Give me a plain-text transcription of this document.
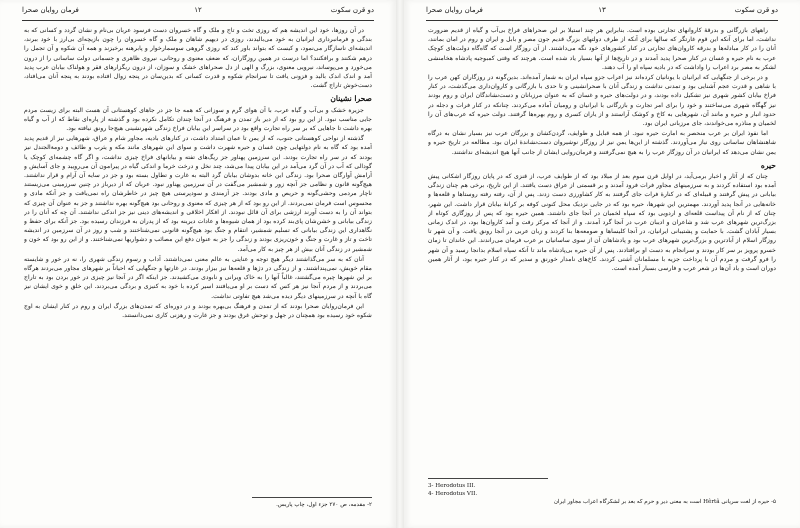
دو قرن سکوت
۱۲
فرمان روایان صحرا

در آن روزها، خود این اندیشه هم که روزی تخت و تاج و ملک و گاه خسروان دست فرسود عربان بی‌نام و نشان گردد و کسانی که به بندگی و فرمانبرداری ایرانیان به خود می‌بالیدند، روزی در دیهیم شاهان و ملک و گاه خسروان را چون بازیچه‌ای بی‌ارز با خود ببرند، اندیشه‌ای ناسازگار می‌نمود، و کیست که بتواند باور کند که روزی گروهی سوسمارخوار و پابرهنه برخیزند و همه آن شکوه و آن تجمل را درهم شکنند و برافکنند؟ اما درست در همین روزگاران، که ضعف معنوی و روحانی، نیروی ظاهری و جسمانی دولت ساسانی را از درون می‌خورد و می‌پوساند، نیرویی معنوی، بزرگ و الهی از دل صحراهای خشک و سوزان، از درون ریگزارهای فقر و هولناک بیابان عرب پدید آمد و اندک اندک بالید و فزونی یافت تا سرانجام شکوه و قدرت کسانی که بدین‌سان در پنجه زوال افتاده بودند به پنجه آنان می‌افتاد، دست‌خوش تاراج گشت.

صحرا نشینان

جزیرة خشک و بی‌آب و گیاه عرب، با آن هوای گرم و سوزانی که همه جا جز در جاهای کوهستانی آن هست البته برای زیست مردم جایی مناسب نبود. از این رو بود که از دیر باز تمدن و فرهنگ در آنجا چندان تکامل نکرده بود و گذشته از پاره‌ای نقاط که از آب و گیاه بهره داشت تا جاهایی که بر سر راه تجارت واقع بود در سراسر این بیابان فراخ زندگی شهرنشینی هیچ‌جا رونق نیافته بود.

گذشته از نواحی کوهستانی جنوب، که از یمن تا عمان امتداد داشت، در کنارهای بادیه، مجاور شام و عراق، شهرهایی نیز از قدیم پدید آمده بود که گاه به نام دولتهایی چون غسان و حیره شهرت داشت و سوای این شهرهای مانند مکه و یثرب و طائف و دومة‌الجندل نیز بودند که در سر راه تجارت بودند. این سرزمین پهناور جز ریگ‌های تفته و بیابانهای فراخ چیزی نداشت، و اگر گاه چشمه‌ای کوچک یا گودالی که آب در آن گرد می‌آمد در این بیابان پیدا می‌شد، چند نخل و درخت خرما و اندکی گیاه در پیرامون آن می‌رویید و جای آسایش و آرامش آوارگان صحرا بود. زندگی این خانه بدوشان بیابان گرد البته به غارت و تطاول بسته بود و جز در سایه آن آرام و قرار نداشتند. هیچ‌گونه قانون و نظامی جز آنچه زور و شمشیر می‌گفت در آن سرزمین پهناور نبود. عربان که از دیرباز در چنین سرزمینی می‌زیستند ناچار مردمی وحشی‌گونه و حریص و مادی بودند. جز آزمندی و سودپرستی هیچ چیز در خاطرشان راه نمی‌یافت و جز آنکه مادی و محسوس است فرمان نمی‌بردند. از این رو بود که از هر چیزی که معنوی و روحانی بود هیچ‌گونه بهره نداشتند و جز به عنوان آن چیزی که بتواند آن را به دست آورند ارزشی برای آن قائل نبودند. از افکار اخلاقی و اندیشه‌های دینی نیز جز اندکی نداشتند. آن چه که آنان را در زندگی بیابانی و خشن‌شان پای‌بند کرده بود از همان شیوه‌ها و عادات دیرینه بود که از پدران به فرزندان رسیده بود. جز آنکه برای حفظ و نگاهداری این زندگی بیابانی که تسلیم شمشیر، انتقام و جنگ بود هیچ‌گونه قانونی نمی‌شناختند و شب و روز در آن سرزمین در اندیشه تاخت و تاز و غارت و جنگ و خون‌ریزی بودند و زندگی را جز به عنوان دفع این مصائب و دشواریها نمی‌شناختند. و از این رو بود که خون و شمشیر در زندگی آنان بیش از هر چیز به کار می‌آمد.

آنان که به سر می‌گذاشتند دیگر هیچ توجه و عنایتی به عالم معنی نمی‌داشتند. آداب و رسوم زندگی شهری را، نه در خور و شایسته مقام خویش، نمی‌پنداشتند. و از زندگی در دژها و قلعه‌ها نیز بیزار بودند. در غارتها و جنگهایی که احیاناً بر شهرهای مجاور می‌بردند هرگاه بر این شهرها چیره می‌گشتند، غالباً آنها را به خاک ویرانی و نابودی می‌کشیدند. جز اینکه اگر در آنجا نیز چیزی در خور بردن بود به تاراج می‌بردند و از مردم آنجا نیز هر کس که دست بر او می‌یافتند اسیر کرده با خود به کنیزی و بردگی می‌بردند. این خلق و خوی ایشان نیز گاه با آنچه در سرزمینهای دیگر دیده می‌شد هیچ تفاوتی نداشت.

این فرمان‌روایان صحرا بودند که از تمدن و فرهنگ بی‌بهره بودند و در دوره‌ای که تمدن‌های بزرگ ایران و روم در کنار ایشان به اوج شکوه خود رسیده بود همچنان در جهل و توحش غرق بودند و جز غارت و رهزنی کاری نمی‌دانستند.

۲- مقدمه، ص ۲۷۰ جزء اول، چاپ پاریس.
دو قرن سکوت
۱۳
فرمان روایان صحرا

راههای بازرگانی و بدرقهٔ کاروانهای تجارتی بوده است. بنابراین هر چند استیلا بر این صحراهای فراخ بی‌آب و گیاه از قدیم ضرورت نداشت، اما برای آنکه این قوم غارتگر که سالها برای آنکه از طرف دولتهای بزرگ قدیم جون مصر و بابل و ایران و روم در امان بمانند، آنان را در کار مبادله‌ها و بدرقه کاروان‌های تجارتی در کنار کشورهای خود نگه می‌داشتند. از آن روزگار است که گاه‌گاه دولت‌های کوچک عرب به نام حیره و غسان در کنار صحرا پدید آمدند و در تاریخ‌ها از آنها بسیار یاد شده است. هرچند که وقتی کمبوجیه پادشاه هخامنشی لشکر به مصر برد اعراب را واداشت که در بادیه سپاه او را آب دهند.

و در برخی از جنگهایی که ایرانیان با یونانیان کرده‌اند نیز اعراب جزو سپاه ایران به شمار آمده‌اند. بدین‌گونه در روزگاران کهن عرب را با شاهی و قدرت عجم آشنایی بود و تمدنی نداشت و زندگی آنان با صحرانشینی و تا حدی با بازرگانی و کاروان‌داری می‌گذشت، در کنار فراخ بیابان کشور شهری نیز تشکیل داده بودند، و در دولت‌های حیره و غسان که به عنوان مرزبانان و دست‌نشاندگان ایران و روم بودند نیز گهگاه شهری می‌ساختند و خود را برای امر تجارت و بازرگانی با ایرانیان و رومیان آماده می‌کردند. چنانکه در کنار فرات و دجله در حدود انبار و حیره و مانند آن، شهرهایی به کاخ و کوشک آراستند و از یاران کسری و روم بهره‌ها گرفتند. دولت حیره که عرب‌های آن را لخمیان و مناذره می‌خواندند، جای مرزبانی ایران بود.

اما نفوذ ایران بر عرب منحصر به امارت حیره نبود. از همه قبایل و طوایف، گردن‌کشان و بزرگان عرب نیز بسیار نشان به درگاه شاهنشاهان ساسانی روی نیاز می‌آوردند. گذشته از این‌ها یمن نیز از روزگار نوشیروان دست‌نشاندهٔ ایران بود. مطالعه در تاریخ حیره و یمن نشان می‌دهد که ایرانیان در آن روزگار عرب را به هیچ نمی‌گرفتند و فرمان‌روایی ایشان از جانب آنها هیچ اندیشه‌ای نداشتند.

حیره

چنان که از آثار و اخبار برمی‌آید، در اوایل قرن سوم بعد از میلاد بود که از طوایف عرب، از قنزی که در پایان روزگار اشکانی پیش آمده بود استفاده کردند و به سرزمینهای مجاور فرات فرود آمدند و بر قسمتی از عراق دست یافتند. از این تاریخ، برخی هم چنان زندگی بیابانی در پیش گرفتند و قبیله‌ای که در کنارهٔ فرات جای گرفتند به کار کشاورزی دست زدند. پس از آن، رفته رفته روستاها و قلعه‌ها و خانه‌هایی در آنجا پدید آوردند. مهمترین این شهرها، حیره بود که در جایی نزدیک محل کنونی کوفه بر کرانهٔ بیابان قرار داشت. این شهر، چنان که از نام آن پیداست قلعه‌ای و اردویی بود که سپاه لخمیان در آنجا جای داشتند. همین حیره بود که پس از روزگاری کوتاه از بزرگ‌ترین شهرهای عرب شد و شاعران و ادیبان عرب در آنجا گرد آمدند. و از آنجا که مرکز رفت و آمد کاروان‌ها بود، در اندک زمانی بسیار آبادان گشت. با حمایت و پشتیبانی ایرانیان، در آنجا کلیساها و صومعه‌ها بنا کردند و زبان عربی در آنجا رونق یافت. و آن شهر تا روزگار اسلام از آباد‌ترین و بزرگ‌ترین شهرهای عرب بود و پادشاهان آن از سوی ساسانیان بر عرب فرمان می‌راندند. این خاندان تا زمان خسرو پرویز بر سر کار بودند و سرانجام به دست او برافتادند. پس از آن حیره بی‌پادشاه ماند تا آنکه سپاه اسلام بدانجا رسید و آن شهر را فرو گرفت و مردم آن با پرداخت جزیه با مسلمانان آشتی کردند. کاخ‌های نامدار خورنق و سدیر که در کنار حیره بود، از آثار همین دوران است و یاد آن‌ها در شعر عرب و فارسی بسیار آمده است.

3- Herodotus III.
4- Herodotus VII.
۵- حیره از لغت سریانی Hêrtâ است به معنی دیر و حرم که بعد بر لشکرگاه اعراب مجاور ایران
